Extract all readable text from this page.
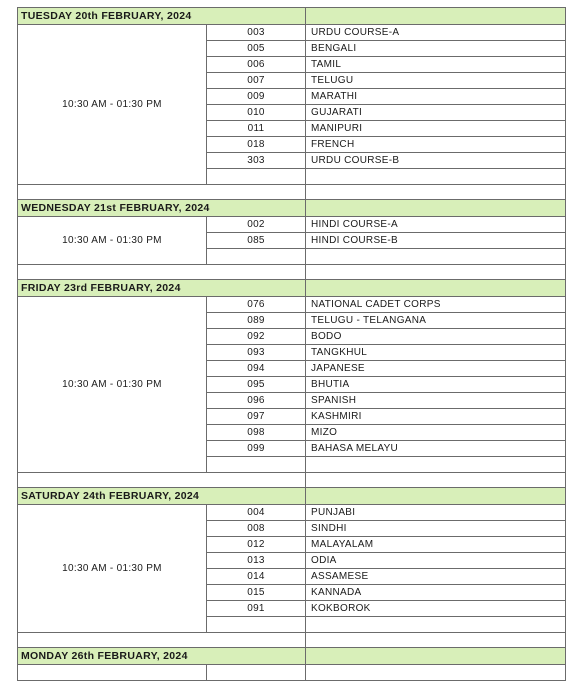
TUESDAY 20th FEBRUARY, 2024		
10:30 AM - 01:30 PM	003	URDU COURSE-A
	005	BENGALI
	006	TAMIL
	007	TELUGU
	009	MARATHI
	010	GUJARATI
	011	MANIPURI
	018	FRENCH
	303	URDU COURSE-B

WEDNESDAY 21st FEBRUARY, 2024		
10:30 AM - 01:30 PM	002	HINDI COURSE-A
	085	HINDI COURSE-B

FRIDAY 23rd FEBRUARY, 2024		
10:30 AM - 01:30 PM	076	NATIONAL CADET CORPS
	089	TELUGU - TELANGANA
	092	BODO
	093	TANGKHUL
	094	JAPANESE
	095	BHUTIA
	096	SPANISH
	097	KASHMIRI
	098	MIZO
	099	BAHASA MELAYU

SATURDAY 24th FEBRUARY, 2024		
10:30 AM - 01:30 PM	004	PUNJABI
	008	SINDHI
	012	MALAYALAM
	013	ODIA
	014	ASSAMESE
	015	KANNADA
	091	KOKBOROK

MONDAY 26th FEBRUARY, 2024		
